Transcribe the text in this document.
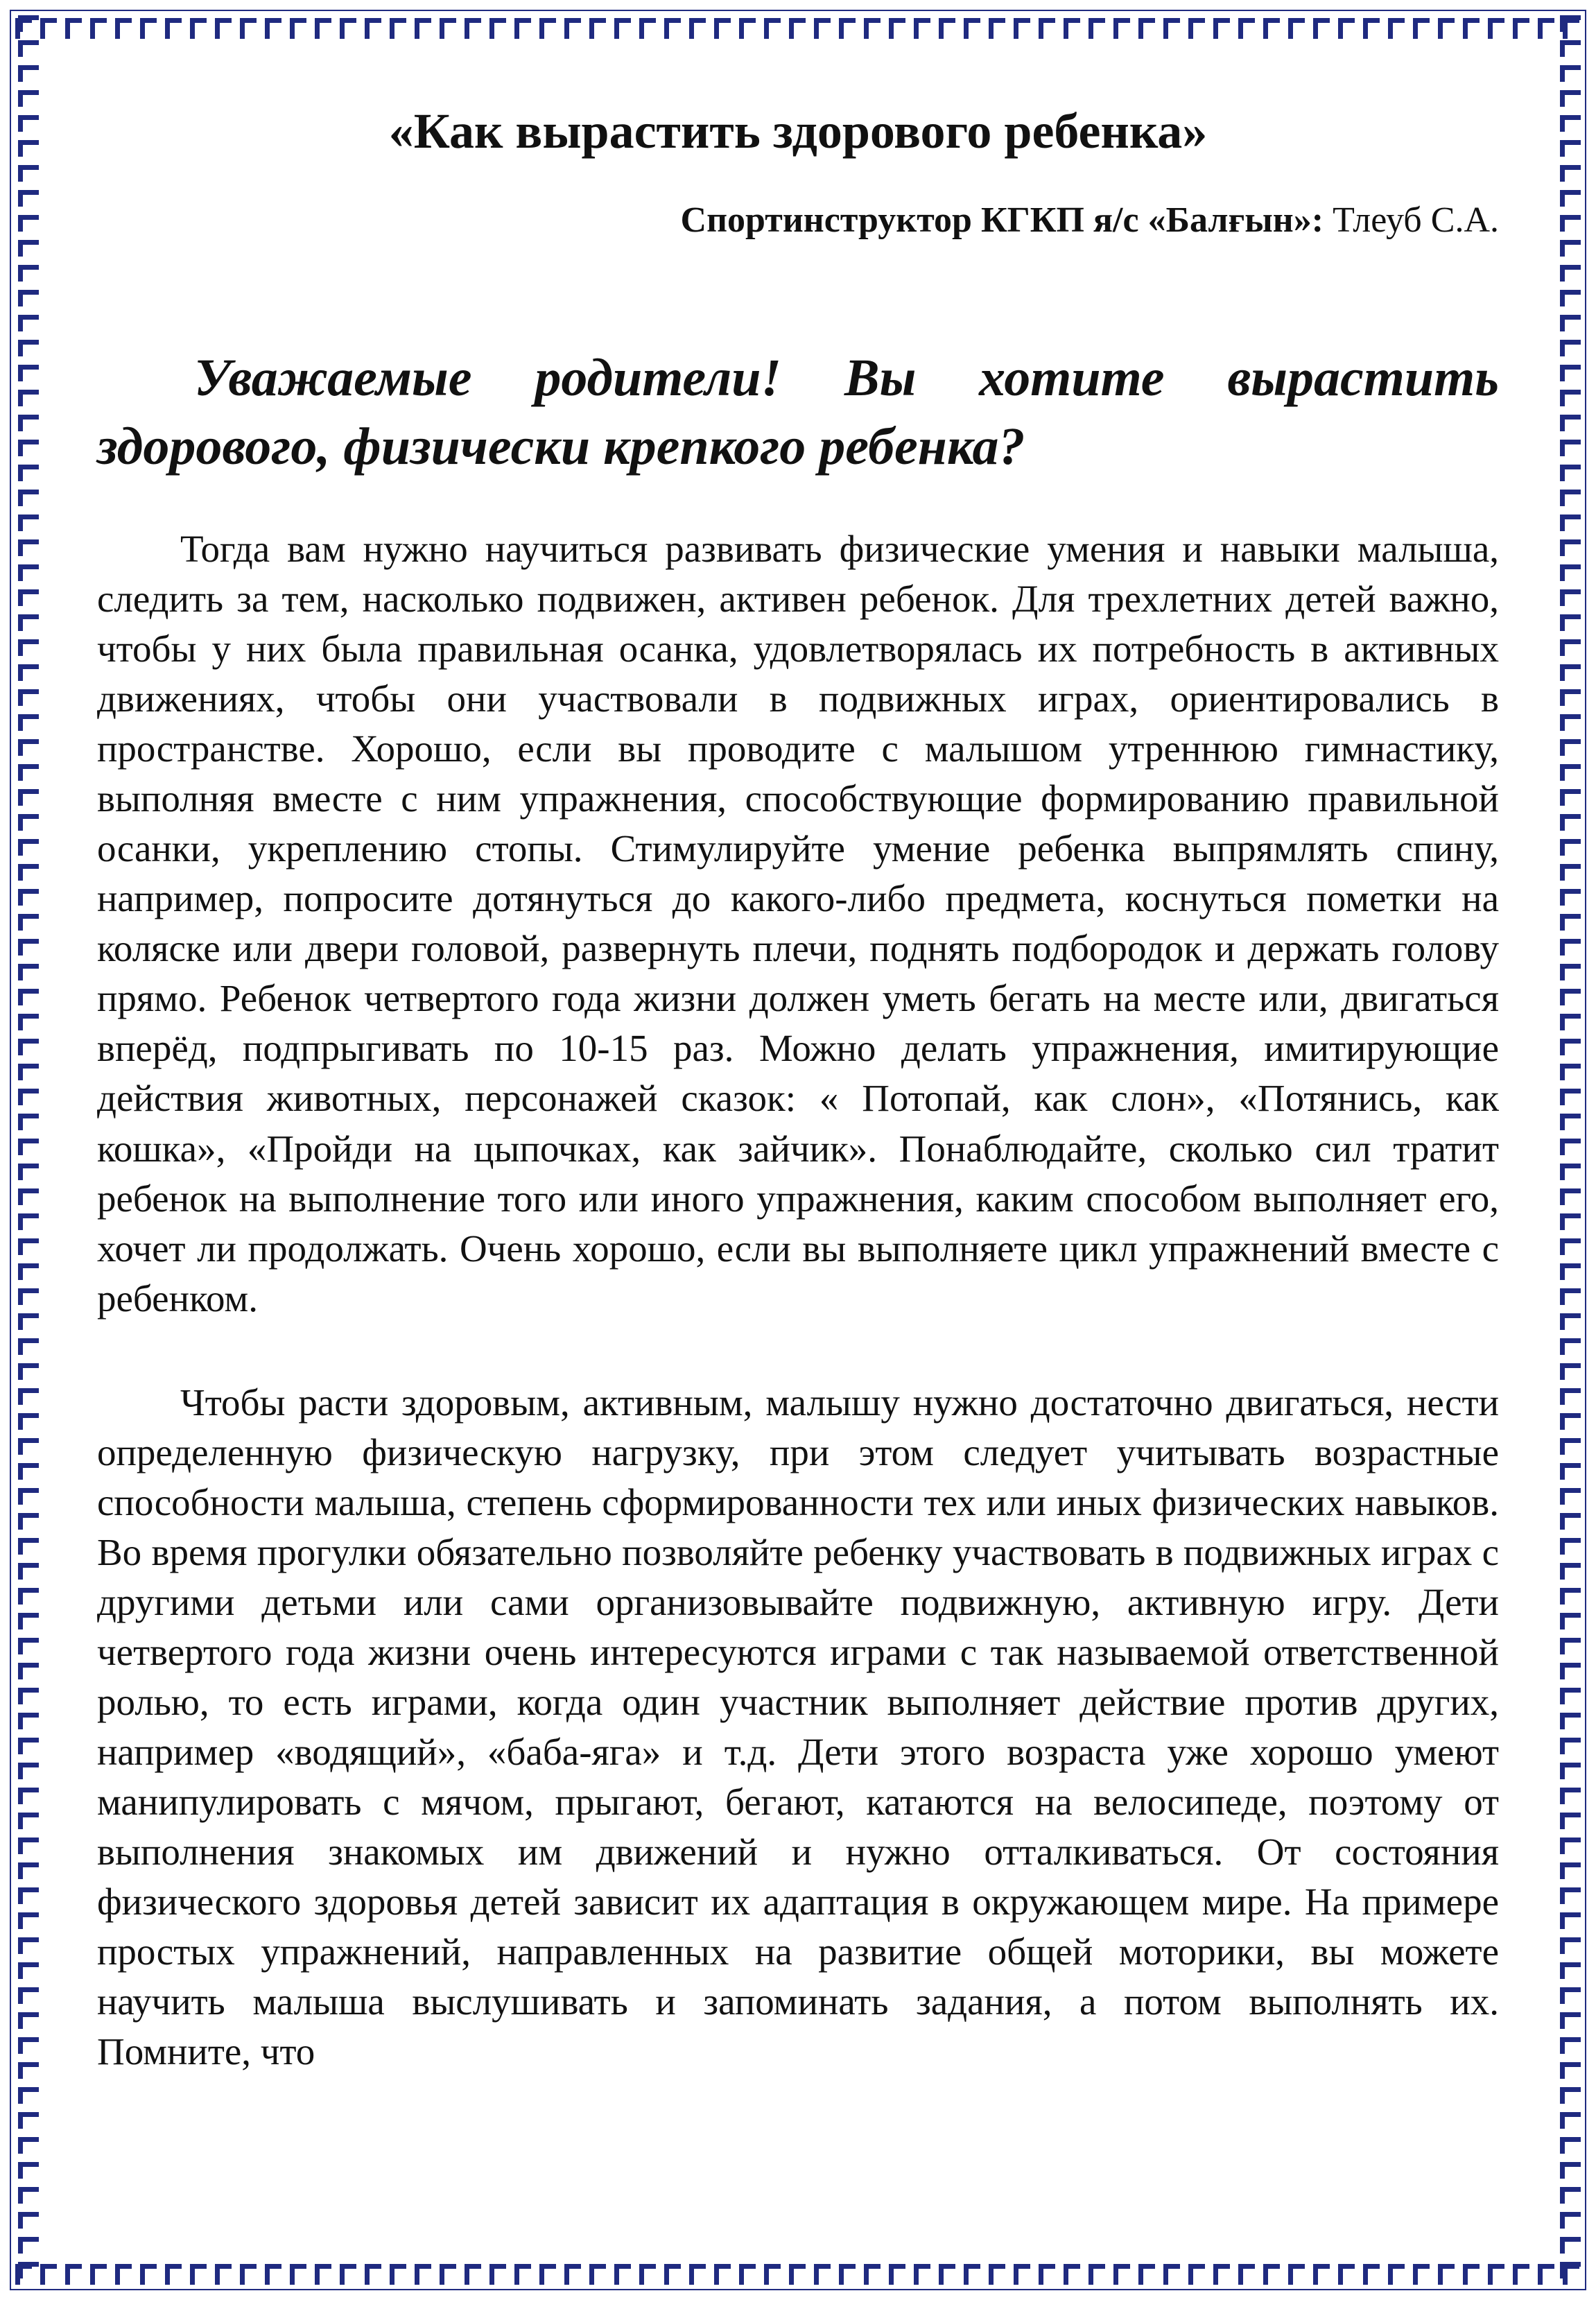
«Как вырастить здорового ребенка»

Спортинструктор КГКП я/с «Балғын»: Тлеуб С.А.

Уважаемые родители! Вы хотите вырастить здорового, физически крепкого ребенка?

Тогда вам нужно научиться развивать физические умения и навыки малыша, следить за тем, насколько подвижен, активен ребенок. Для трехлетних детей важно, чтобы у них была правильная осанка, удовлетворялась их потребность в активных движениях, чтобы они участвовали в подвижных играх, ориентировались в пространстве. Хорошо, если вы проводите с малышом утреннюю гимнастику, выполняя вместе с ним упражнения, способствующие формированию правильной осанки, укреплению стопы. Стимулируйте умение ребенка выпрямлять спину, например, попросите дотянуться до какого-либо предмета, коснуться пометки на коляске или двери головой, развернуть плечи, поднять подбородок и держать голову прямо. Ребенок четвертого года жизни должен уметь бегать на месте или, двигаться вперёд, подпрыгивать по 10-15 раз. Можно делать упражнения, имитирующие действия животных, персонажей сказок: « Потопай, как слон», «Потянись, как кошка», «Пройди на цыпочках, как зайчик». Понаблюдайте, сколько сил тратит ребенок на выполнение того или иного упражнения, каким способом выполняет его, хочет ли продолжать. Очень хорошо, если вы выполняете цикл упражнений вместе с ребенком.

Чтобы расти здоровым, активным, малышу нужно достаточно двигаться, нести определенную физическую нагрузку, при этом следует учитывать возрастные способности малыша, степень сформированности тех или иных физических навыков. Во время прогулки обязательно позволяйте ребенку участвовать в подвижных играх с другими детьми или сами организовывайте подвижную, активную игру. Дети четвертого года жизни очень интересуются играми с так называемой ответственной ролью, то есть играми, когда один участник выполняет действие против других, например «водящий», «баба-яга» и т.д. Дети этого возраста уже хорошо умеют манипулировать с мячом, прыгают, бегают, катаются на велосипеде, поэтому от выполнения знакомых им движений и нужно отталкиваться. От состояния физического здоровья детей зависит их адаптация в окружающем мире. На примере простых упражнений, направленных на развитие общей моторики, вы можете научить малыша выслушивать и запоминать задания, а потом выполнять их. Помните, что
